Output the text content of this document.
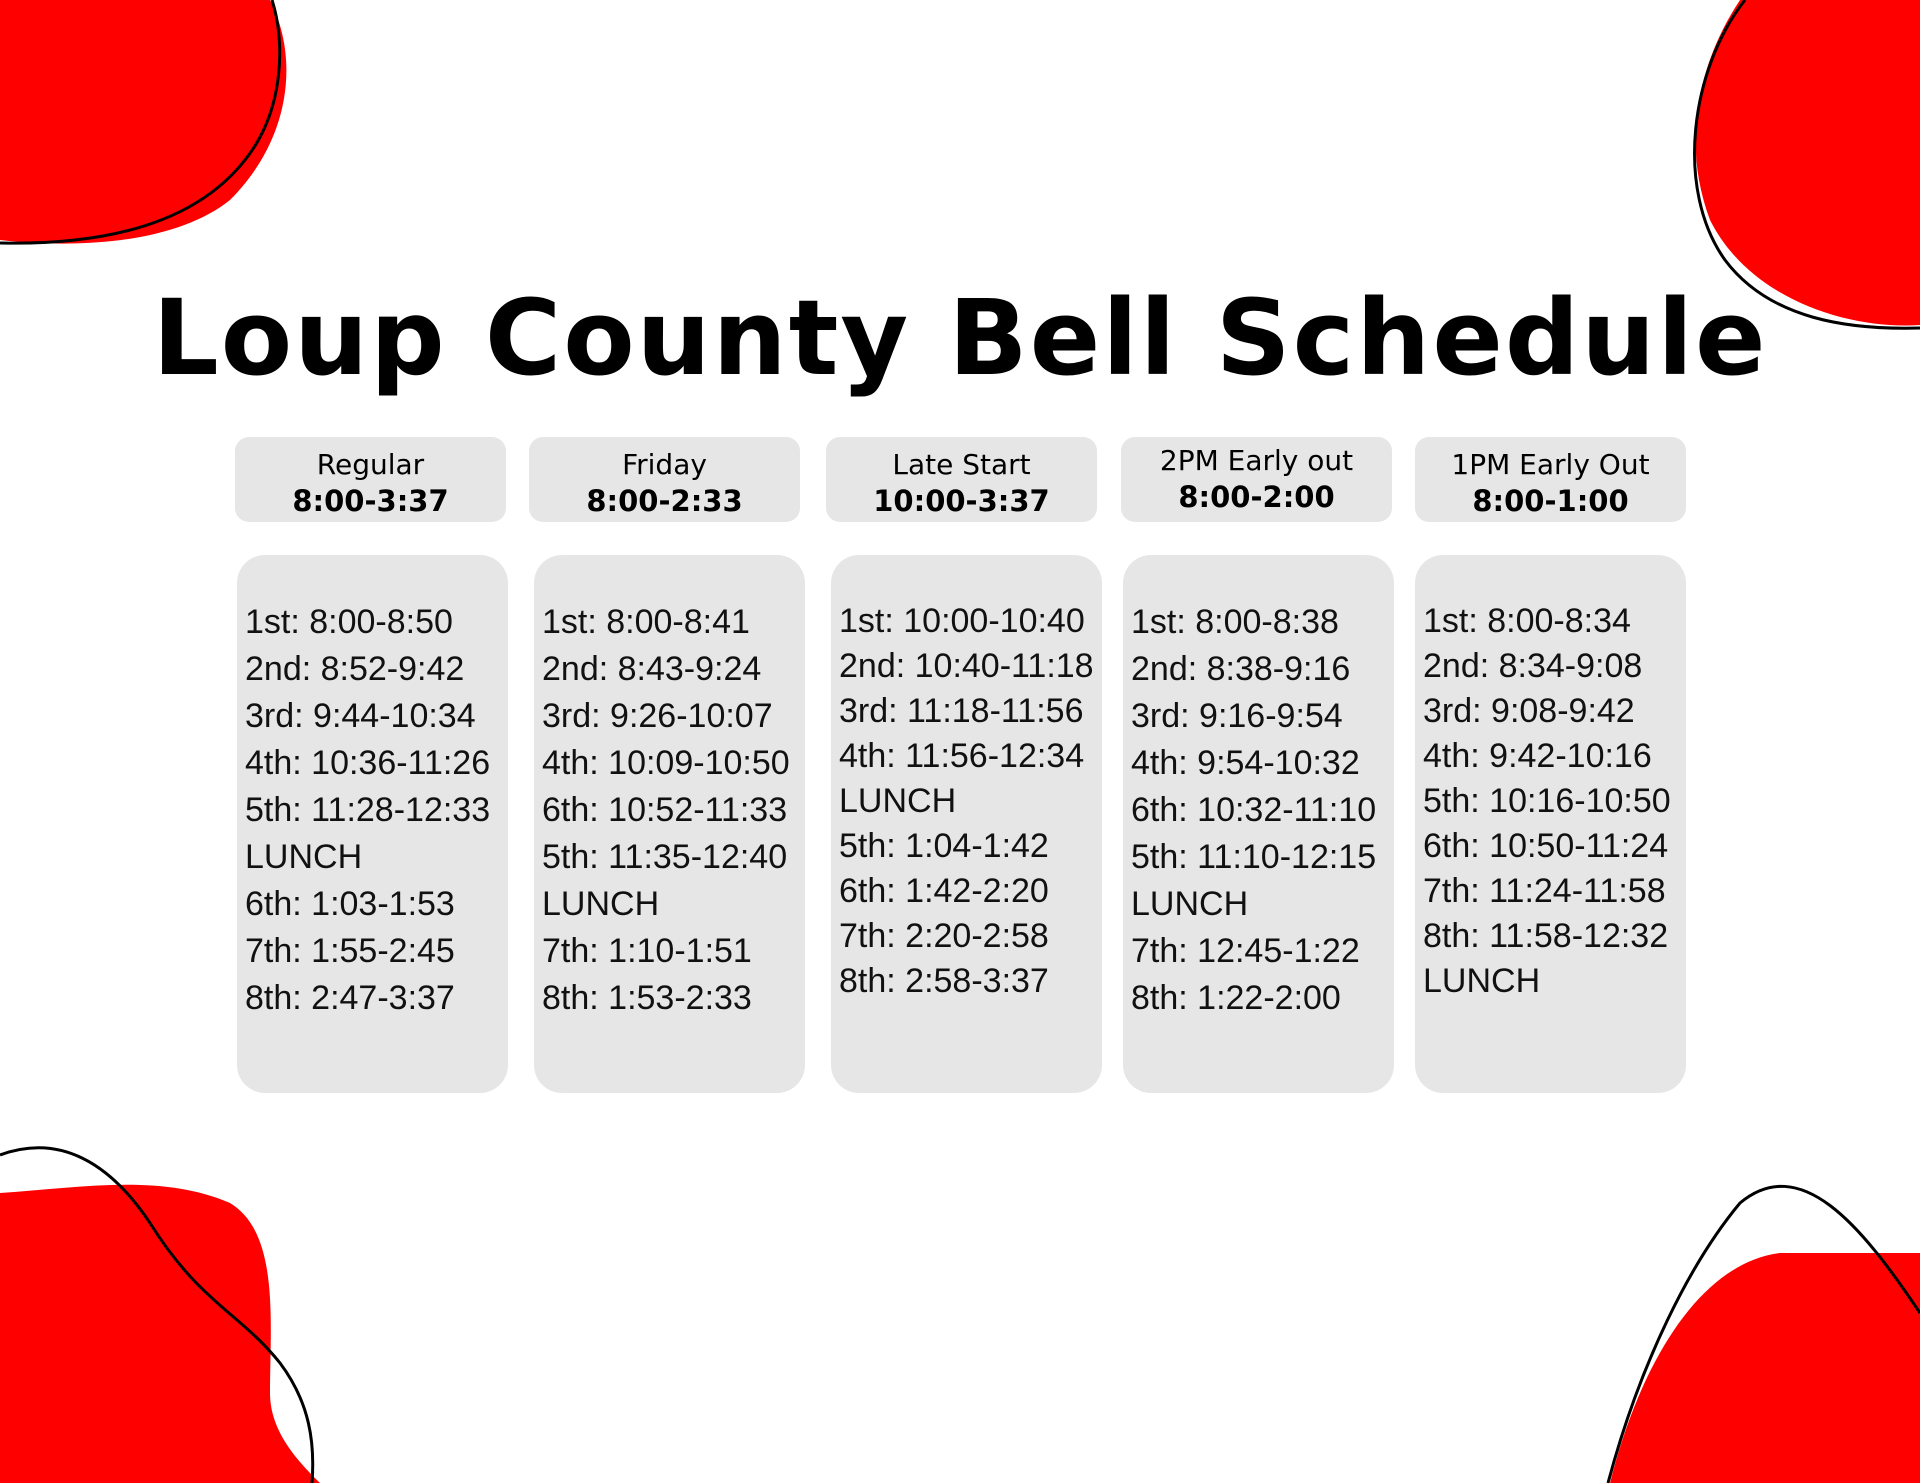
Loup County Bell Schedule
Regular
8:00-3:37
Friday
8:00-2:33
Late Start
10:00-3:37
2PM Early out
8:00-2:00
1PM Early Out
8:00-1:00
1st: 8:00-8:50
2nd: 8:52-9:42
3rd: 9:44-10:34
4th: 10:36-11:26
5th: 11:28-12:33
LUNCH
6th: 1:03-1:53
7th: 1:55-2:45
8th: 2:47-3:37
1st: 8:00-8:41
2nd: 8:43-9:24
3rd: 9:26-10:07
4th: 10:09-10:50
6th: 10:52-11:33
5th: 11:35-12:40
LUNCH
7th: 1:10-1:51
8th: 1:53-2:33
1st: 10:00-10:40
2nd: 10:40-11:18
3rd: 11:18-11:56
4th: 11:56-12:34
LUNCH
5th: 1:04-1:42
6th: 1:42-2:20
7th: 2:20-2:58
8th: 2:58-3:37
1st: 8:00-8:38
2nd: 8:38-9:16
3rd: 9:16-9:54
4th: 9:54-10:32
6th: 10:32-11:10
5th: 11:10-12:15
LUNCH
7th: 12:45-1:22
8th: 1:22-2:00
1st: 8:00-8:34
2nd: 8:34-9:08
3rd: 9:08-9:42
4th: 9:42-10:16
5th: 10:16-10:50
6th: 10:50-11:24
7th: 11:24-11:58
8th: 11:58-12:32
LUNCH
